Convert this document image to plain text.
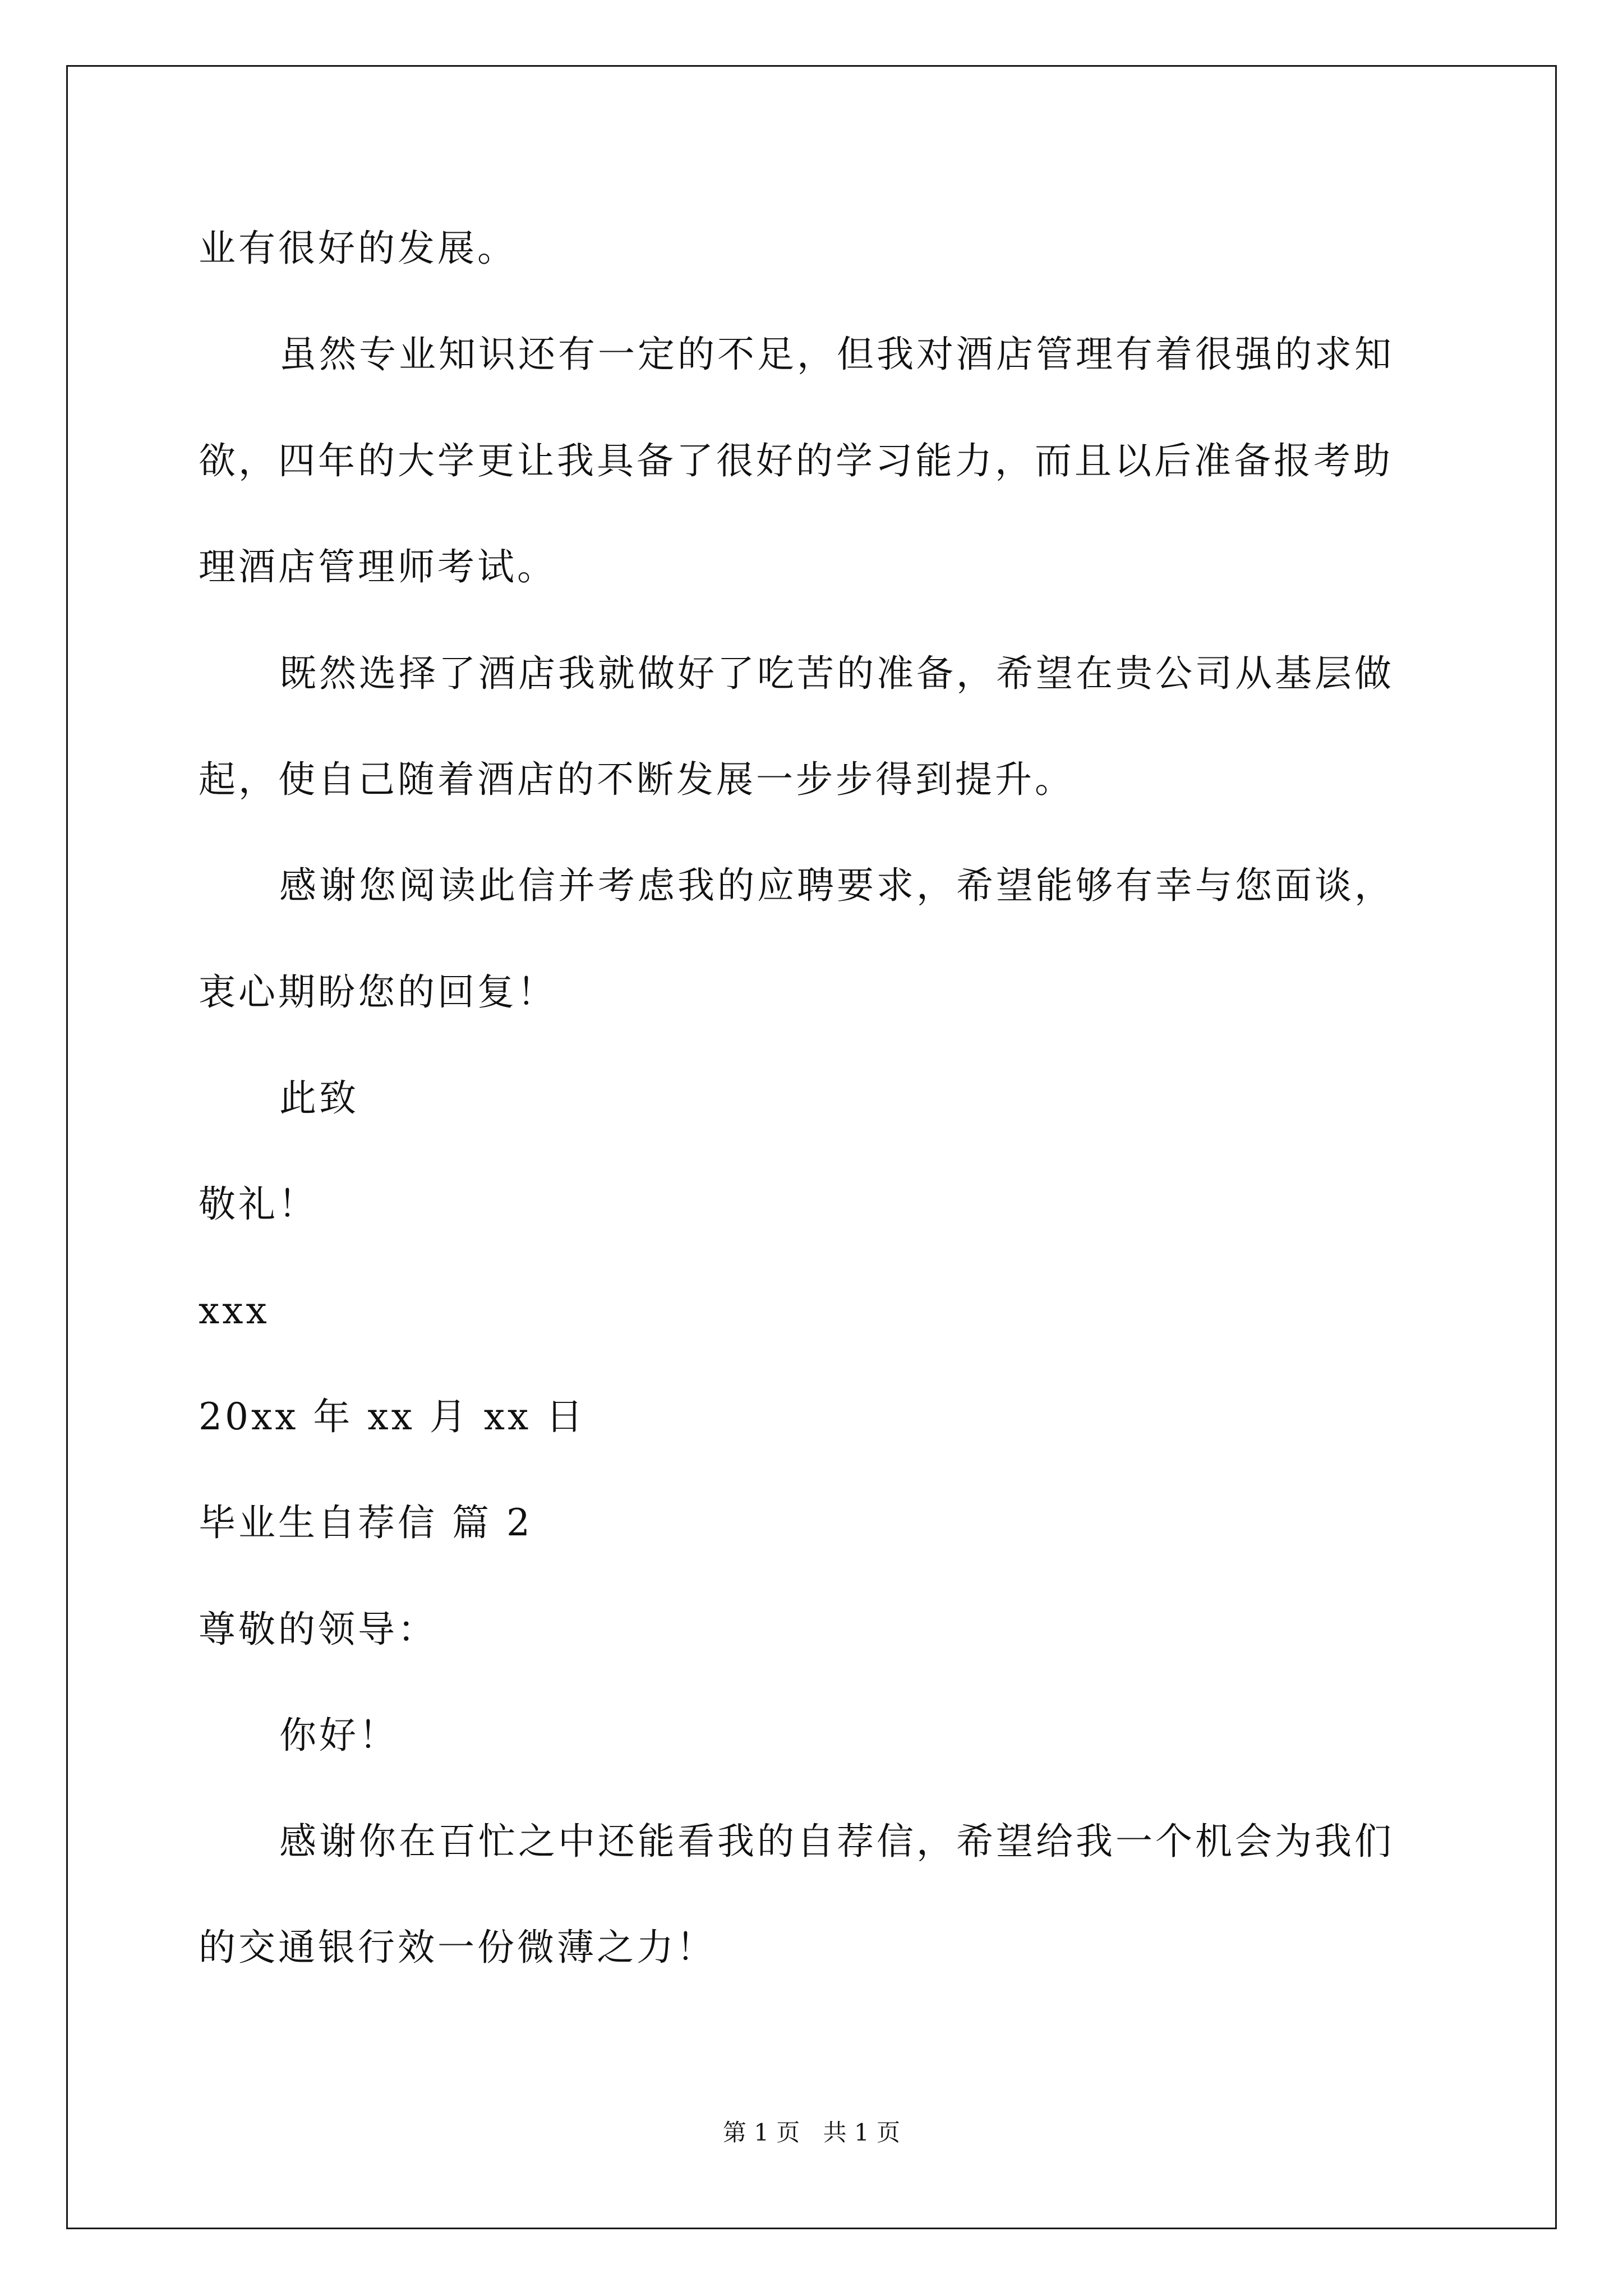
业有很好的发展。
虽然专业知识还有一定的不足，但我对酒店管理有着很强的求知
欲，四年的大学更让我具备了很好的学习能力，而且以后准备报考助
理酒店管理师考试。
既然选择了酒店我就做好了吃苦的准备，希望在贵公司从基层做
起，使自己随着酒店的不断发展一步步得到提升。
感谢您阅读此信并考虑我的应聘要求，希望能够有幸与您面谈，
衷心期盼您的回复！
此致
敬礼！
xxx
20xx 年 xx 月 xx 日
毕业生自荐信 篇 2
尊敬的领导：
你好！
感谢你在百忙之中还能看我的自荐信，希望给我一个机会为我们
的交通银行效一份微薄之力！
第 1 页 共 1 页
